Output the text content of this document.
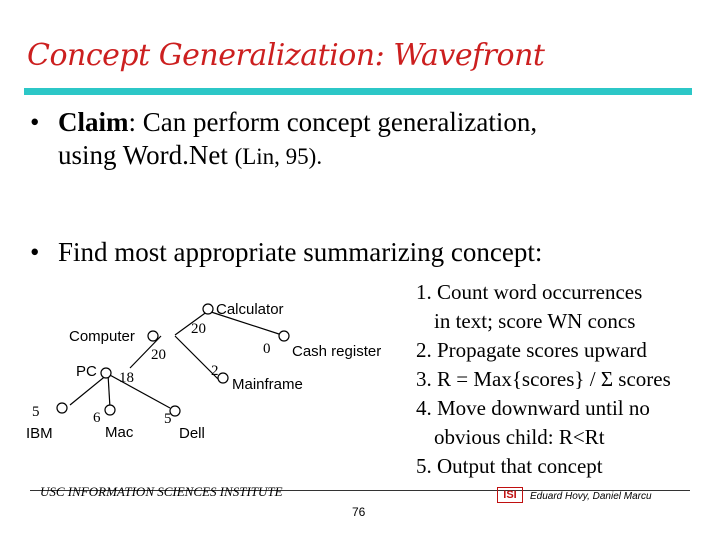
Concept Generalization: Wavefront
• Claim: Can perform concept generalization,
using Word.Net (Lin, 95).
• Find most appropriate summarizing concept:
Calculator
Computer
Cash register
PC
Mainframe
IBM	Mac	Dell
20
20	0
18	2
5	6	5
1. Count word occurrences
in text; score WN concs
2. Propagate scores upward
3. R = Max{scores} / Σ scores
4. Move downward until no
obvious child: R<Rt
5. Output that concept
USC INFORMATION SCIENCES INSTITUTE
76
ISI	Eduard Hovy, Daniel Marcu
